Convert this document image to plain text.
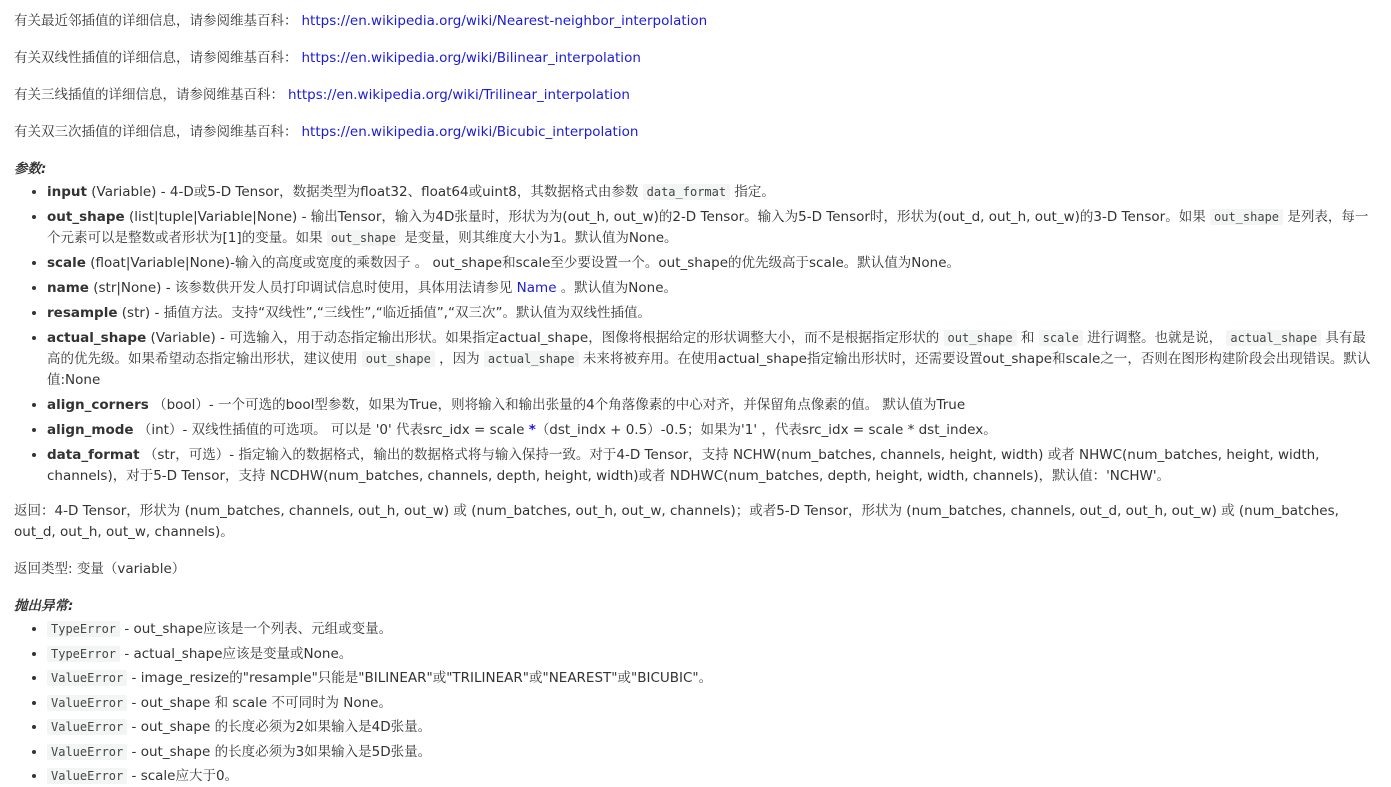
有关最近邻插值的详细信息，请参阅维基百科： https://en.wikipedia.org/wiki/Nearest-neighbor_interpolation

有关双线性插值的详细信息，请参阅维基百科： https://en.wikipedia.org/wiki/Bilinear_interpolation

有关三线插值的详细信息，请参阅维基百科： https://en.wikipedia.org/wiki/Trilinear_interpolation

有关双三次插值的详细信息，请参阅维基百科： https://en.wikipedia.org/wiki/Bicubic_interpolation

参数:
• input (Variable) - 4-D或5-D Tensor，数据类型为float32、float64或uint8，其数据格式由参数 data_format 指定。
• out_shape (list|tuple|Variable|None) - 输出Tensor，输入为4D张量时，形状为为(out_h, out_w)的2-D Tensor。输入为5-D Tensor时，形状为(out_d, out_h, out_w)的3-D Tensor。如果 out_shape 是列表，每一个元素可以是整数或者形状为[1]的变量。如果 out_shape 是变量，则其维度大小为1。默认值为None。
• scale (float|Variable|None)-输入的高度或宽度的乘数因子 。 out_shape和scale至少要设置一个。out_shape的优先级高于scale。默认值为None。
• name (str|None) - 该参数供开发人员打印调试信息时使用，具体用法请参见 Name 。默认值为None。
• resample (str) - 插值方法。支持“双线性”,“三线性”,“临近插值”,“双三次”。默认值为双线性插值。
• actual_shape (Variable) - 可选输入，用于动态指定输出形状。如果指定actual_shape，图像将根据给定的形状调整大小，而不是根据指定形状的 out_shape 和 scale 进行调整。也就是说， actual_shape 具有最高的优先级。如果希望动态指定输出形状，建议使用 out_shape ，因为 actual_shape 未来将被弃用。在使用actual_shape指定输出形状时，还需要设置out_shape和scale之一，否则在图形构建阶段会出现错误。默认值:None
• align_corners （bool）- 一个可选的bool型参数，如果为True，则将输入和输出张量的4个角落像素的中心对齐，并保留角点像素的值。 默认值为True
• align_mode （int）- 双线性插值的可选项。 可以是 '0' 代表src_idx = scale *（dst_indx + 0.5）-0.5；如果为'1' ，代表src_idx = scale * dst_index。
• data_format （str，可选）- 指定输入的数据格式，输出的数据格式将与输入保持一致。对于4-D Tensor，支持 NCHW(num_batches, channels, height, width) 或者 NHWC(num_batches, height, width, channels)，对于5-D Tensor，支持 NCDHW(num_batches, channels, depth, height, width)或者 NDHWC(num_batches, depth, height, width, channels)，默认值：'NCHW'。

返回：4-D Tensor，形状为 (num_batches, channels, out_h, out_w) 或 (num_batches, out_h, out_w, channels)；或者5-D Tensor，形状为 (num_batches, channels, out_d, out_h, out_w) 或 (num_batches, out_d, out_h, out_w, channels)。

返回类型: 变量（variable）

抛出异常:
• TypeError - out_shape应该是一个列表、元组或变量。
• TypeError - actual_shape应该是变量或None。
• ValueError - image_resize的"resample"只能是"BILINEAR"或"TRILINEAR"或"NEAREST"或"BICUBIC"。
• ValueError - out_shape 和 scale 不可同时为 None。
• ValueError - out_shape 的长度必须为2如果输入是4D张量。
• ValueError - out_shape 的长度必须为3如果输入是5D张量。
• ValueError - scale应大于0。
